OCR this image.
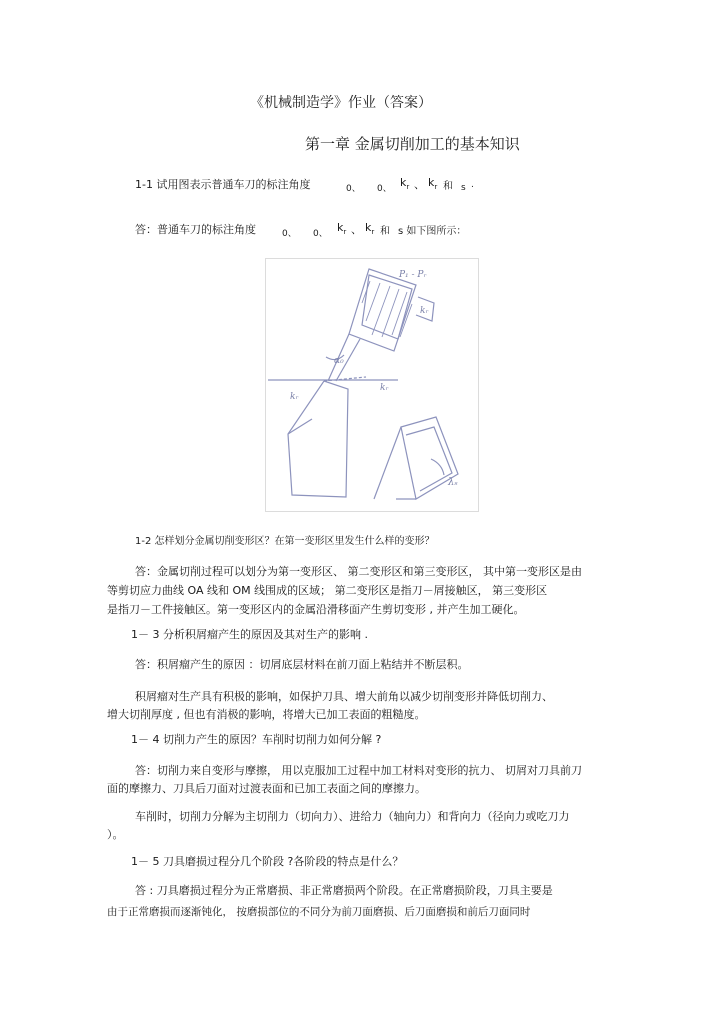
《机械制造学》作业（答案）
第一章 金属切削加工的基本知识
1-1 试用图表示普通车刀的标注角度	0、 0、 $k_r$ 、 $k_r$ 和 s .
答：普通车刀的标注角度	0、 0、 $k_r$ 、 $k_r$ 和 s 如下图所示：
P₁ - Pᵣ
kᵣ
α₀
kᵣ
kᵣ
λₛ
1-2 怎样划分金属切削变形区？在第一变形区里发生什么样的变形？
答：金属切削过程可以划分为第一变形区、 第二变形区和第三变形区， 其中第一变形区是由
等剪切应力曲线 OA 线和 OM 线围成的区域； 第二变形区是指刀－屑接触区， 第三变形区
是指刀－工件接触区。第一变形区内的金属沿滑移面产生剪切变形 , 并产生加工硬化。
1－ 3 分析积屑瘤产生的原因及其对生产的影响 .
答：积屑瘤产生的原因 ：切屑底层材料在前刀面上粘结并不断层积。
积屑瘤对生产具有积极的影响，如保护刀具、增大前角以减少切削变形并降低切削力、
增大切削厚度 , 但也有消极的影响，将增大已加工表面的粗糙度。
1－ 4 切削力产生的原因？车削时切削力如何分解 ?
答：切削力来自变形与摩擦， 用以克服加工过程中加工材料对变形的抗力、 切屑对刀具前刀
面的摩擦力、刀具后刀面对过渡表面和已加工表面之间的摩擦力。
车削时，切削力分解为主切削力（切向力）、进给力（轴向力）和背向力（径向力或吃刀力
）。
1－ 5 刀具磨损过程分几个阶段 ?各阶段的特点是什么？
答 : 刀具磨损过程分为正常磨损、非正常磨损两个阶段。在正常磨损阶段，刀具主要是
由于正常磨损而逐渐钝化， 按磨损部位的不同分为前刀面磨损、后刀面磨损和前后刀面同时
